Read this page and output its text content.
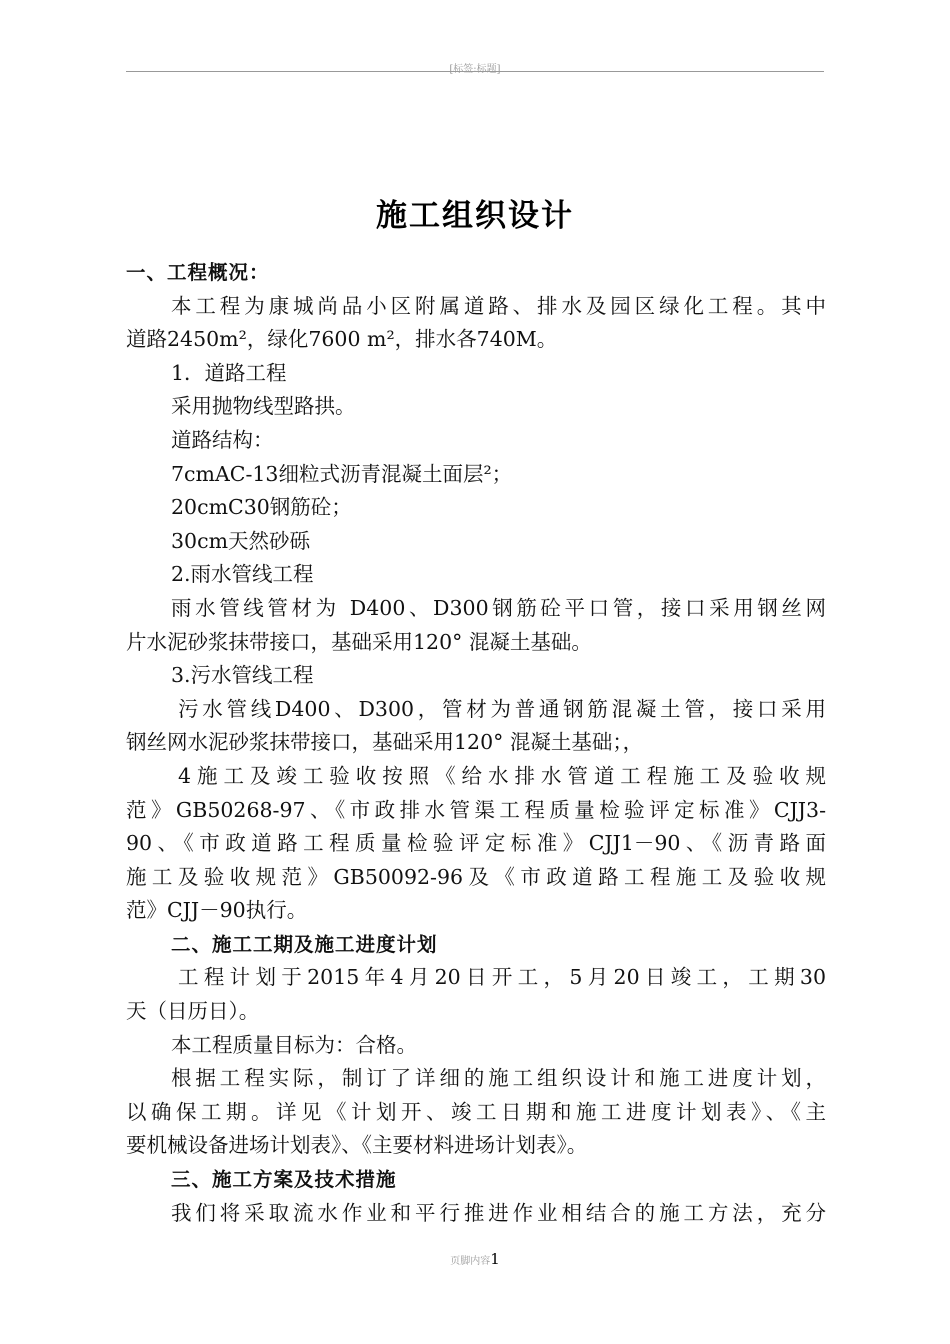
[标签:标题]
施工组织设计

一、工程概况：

本工程为康城尚品小区附属道路、排水及园区绿化工程。其中

道路2450m²，绿化7600 m²，排水各740M。

1．道路工程

采用抛物线型路拱。

道路结构：

7cmAC-13细粒式沥青混凝土面层²；

20cmC30钢筋砼；

30cm天然砂砾

2.雨水管线工程

雨水管线管材为 D400、D300钢筋砼平口管，接口采用钢丝网

片水泥砂浆抹带接口，基础采用120° 混凝土基础。

3.污水管线工程

污水管线D400、D300，管材为普通钢筋混凝土管，接口采用

钢丝网水泥砂浆抹带接口，基础采用120° 混凝土基础；，

4施工及竣工验收按照《给水排水管道工程施工及验收规

范》GB50268-97、《市政排水管渠工程质量检验评定标准》CJJ3-

90、《市政道路工程质量检验评定标准》CJJ1－90、《沥青路面

施工及验收规范》GB50092-96及《市政道路工程施工及验收规

范》CJJ－90执行。

二、施工工期及施工进度计划

工程计划于2015年4月20日开工，5月20日竣工，工期30

天（日历日）。

本工程质量目标为：合格。

根据工程实际，制订了详细的施工组织设计和施工进度计划，

以确保工期。详见《计划开、竣工日期和施工进度计划表》、《主

要机械设备进场计划表》、《主要材料进场计划表》。

三、施工方案及技术措施

我们将采取流水作业和平行推进作业相结合的施工方法，充分

页脚内容1
